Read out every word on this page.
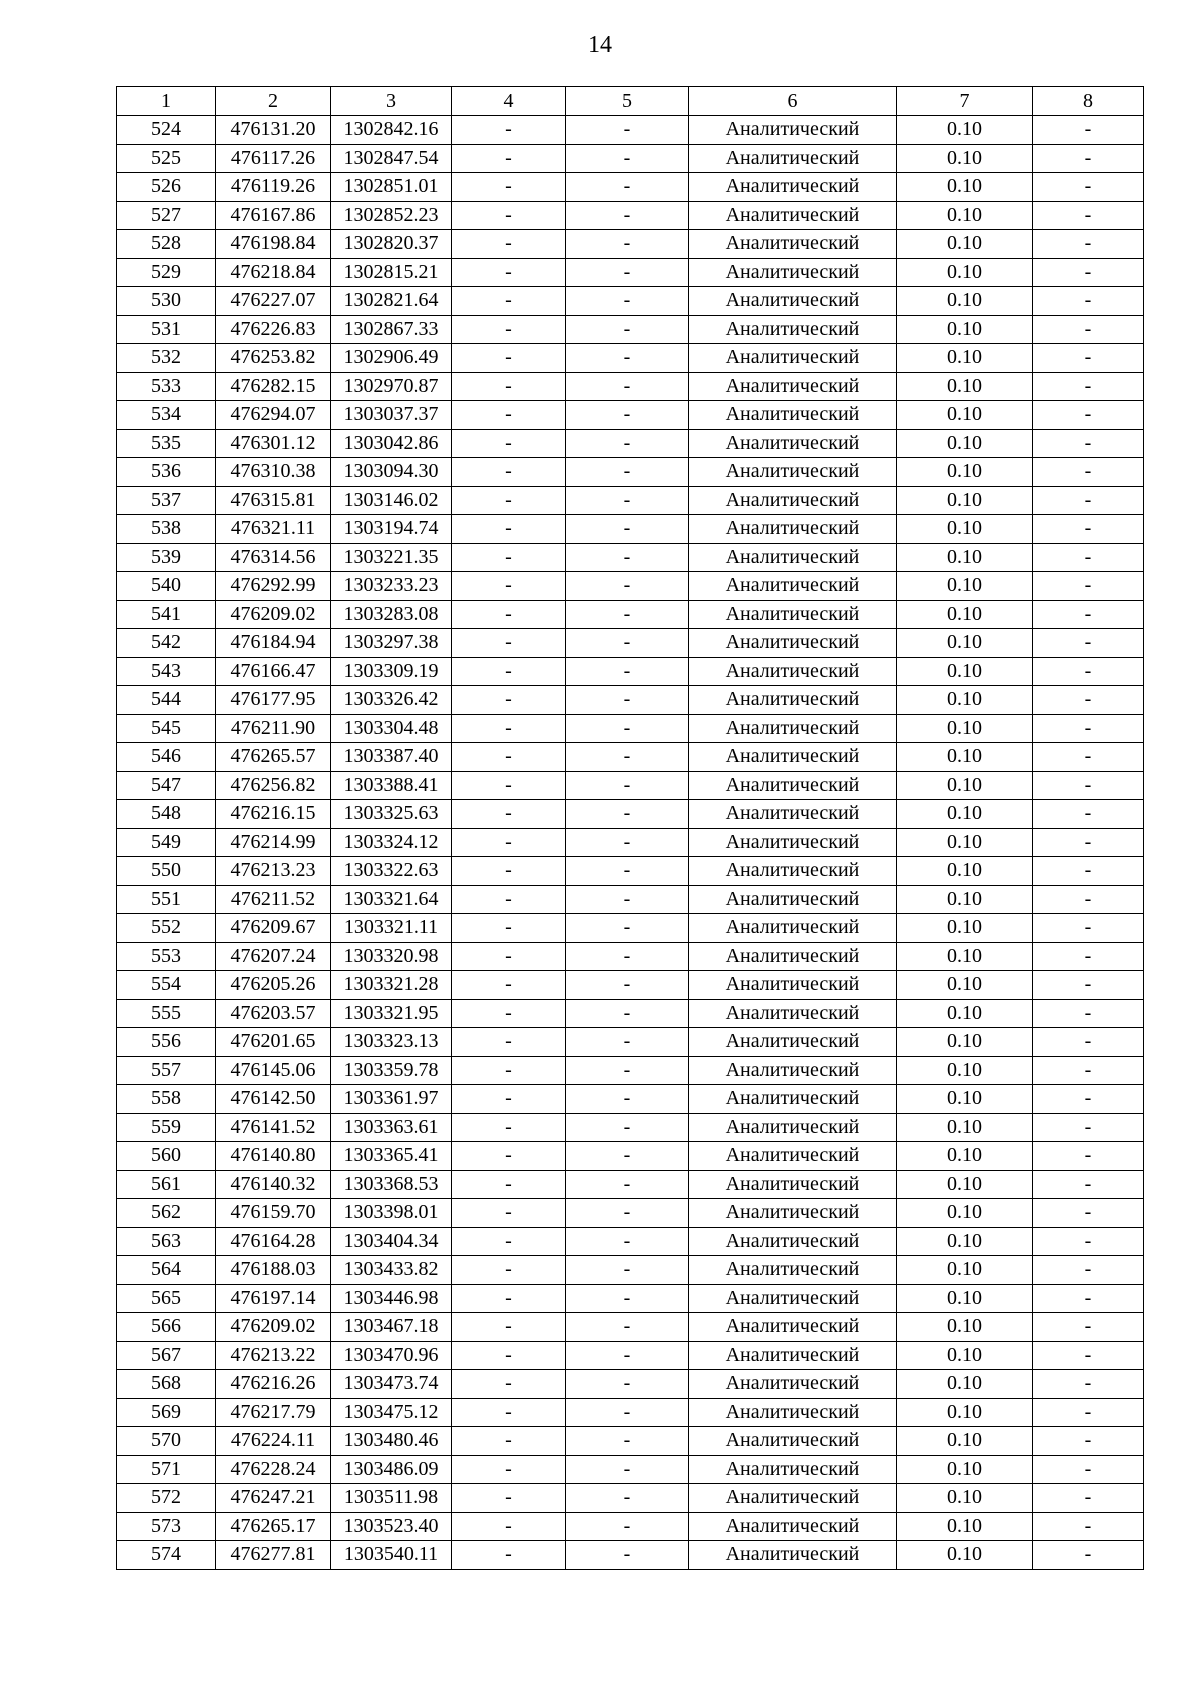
14
1	2	3	4	5	6	7	8
524	476131.20	1302842.16	-	-	Аналитический	0.10	-
525	476117.26	1302847.54	-	-	Аналитический	0.10	-
526	476119.26	1302851.01	-	-	Аналитический	0.10	-
527	476167.86	1302852.23	-	-	Аналитический	0.10	-
528	476198.84	1302820.37	-	-	Аналитический	0.10	-
529	476218.84	1302815.21	-	-	Аналитический	0.10	-
530	476227.07	1302821.64	-	-	Аналитический	0.10	-
531	476226.83	1302867.33	-	-	Аналитический	0.10	-
532	476253.82	1302906.49	-	-	Аналитический	0.10	-
533	476282.15	1302970.87	-	-	Аналитический	0.10	-
534	476294.07	1303037.37	-	-	Аналитический	0.10	-
535	476301.12	1303042.86	-	-	Аналитический	0.10	-
536	476310.38	1303094.30	-	-	Аналитический	0.10	-
537	476315.81	1303146.02	-	-	Аналитический	0.10	-
538	476321.11	1303194.74	-	-	Аналитический	0.10	-
539	476314.56	1303221.35	-	-	Аналитический	0.10	-
540	476292.99	1303233.23	-	-	Аналитический	0.10	-
541	476209.02	1303283.08	-	-	Аналитический	0.10	-
542	476184.94	1303297.38	-	-	Аналитический	0.10	-
543	476166.47	1303309.19	-	-	Аналитический	0.10	-
544	476177.95	1303326.42	-	-	Аналитический	0.10	-
545	476211.90	1303304.48	-	-	Аналитический	0.10	-
546	476265.57	1303387.40	-	-	Аналитический	0.10	-
547	476256.82	1303388.41	-	-	Аналитический	0.10	-
548	476216.15	1303325.63	-	-	Аналитический	0.10	-
549	476214.99	1303324.12	-	-	Аналитический	0.10	-
550	476213.23	1303322.63	-	-	Аналитический	0.10	-
551	476211.52	1303321.64	-	-	Аналитический	0.10	-
552	476209.67	1303321.11	-	-	Аналитический	0.10	-
553	476207.24	1303320.98	-	-	Аналитический	0.10	-
554	476205.26	1303321.28	-	-	Аналитический	0.10	-
555	476203.57	1303321.95	-	-	Аналитический	0.10	-
556	476201.65	1303323.13	-	-	Аналитический	0.10	-
557	476145.06	1303359.78	-	-	Аналитический	0.10	-
558	476142.50	1303361.97	-	-	Аналитический	0.10	-
559	476141.52	1303363.61	-	-	Аналитический	0.10	-
560	476140.80	1303365.41	-	-	Аналитический	0.10	-
561	476140.32	1303368.53	-	-	Аналитический	0.10	-
562	476159.70	1303398.01	-	-	Аналитический	0.10	-
563	476164.28	1303404.34	-	-	Аналитический	0.10	-
564	476188.03	1303433.82	-	-	Аналитический	0.10	-
565	476197.14	1303446.98	-	-	Аналитический	0.10	-
566	476209.02	1303467.18	-	-	Аналитический	0.10	-
567	476213.22	1303470.96	-	-	Аналитический	0.10	-
568	476216.26	1303473.74	-	-	Аналитический	0.10	-
569	476217.79	1303475.12	-	-	Аналитический	0.10	-
570	476224.11	1303480.46	-	-	Аналитический	0.10	-
571	476228.24	1303486.09	-	-	Аналитический	0.10	-
572	476247.21	1303511.98	-	-	Аналитический	0.10	-
573	476265.17	1303523.40	-	-	Аналитический	0.10	-
574	476277.81	1303540.11	-	-	Аналитический	0.10	-
